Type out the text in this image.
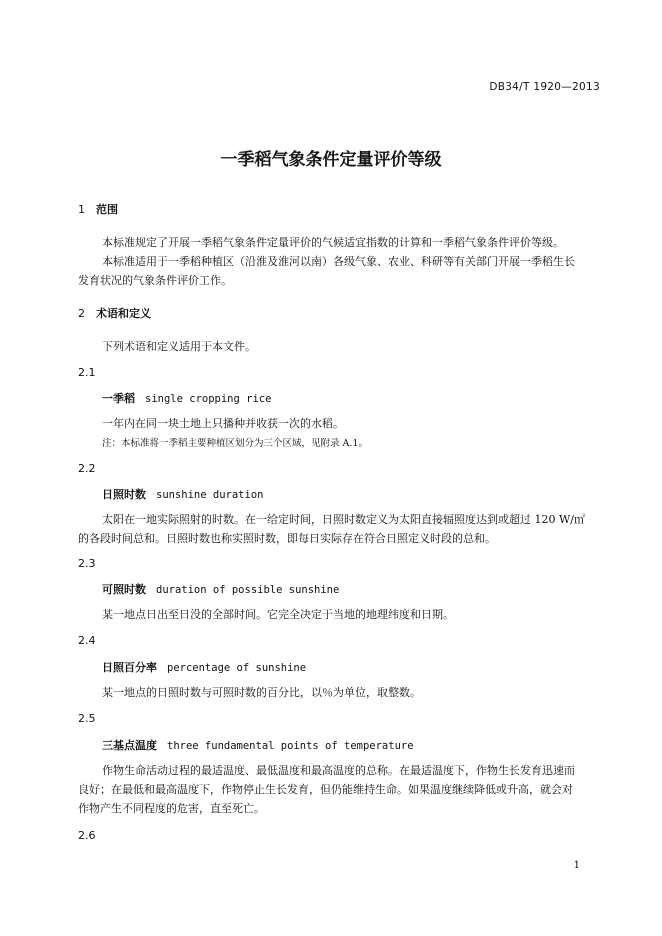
DB34/T 1920—2013
一季稻气象条件定量评价等级
1 范围

本标准规定了开展一季稻气象条件定量评价的气候适宜指数的计算和一季稻气象条件评价等级。

本标准适用于一季稻种植区（沿淮及淮河以南）各级气象、农业、科研等有关部门开展一季稻生长

发育状况的气象条件评价工作。

2 术语和定义

下列术语和定义适用于本文件。

2.1
一季稻 single cropping rice

一年内在同一块土地上只播种并收获一次的水稻。

注：本标准将一季稻主要种植区划分为三个区域，见附录 A.1。

2.2
日照时数 sunshine duration

太阳在一地实际照射的时数。在一给定时间，日照时数定义为太阳直接辐照度达到或超过 120 W/㎡

的各段时间总和。日照时数也称实照时数，即每日实际存在符合日照定义时段的总和。

2.3
可照时数 duration of possible sunshine

某一地点日出至日没的全部时间。它完全决定于当地的地理纬度和日期。

2.4
日照百分率 percentage of sunshine

某一地点的日照时数与可照时数的百分比，以％为单位，取整数。

2.5
三基点温度 three fundamental points of temperature

作物生命活动过程的最适温度、最低温度和最高温度的总称。在最适温度下，作物生长发育迅速而

良好；在最低和最高温度下，作物停止生长发育，但仍能维持生命。如果温度继续降低或升高，就会对

作物产生不同程度的危害，直至死亡。

2.6
1
